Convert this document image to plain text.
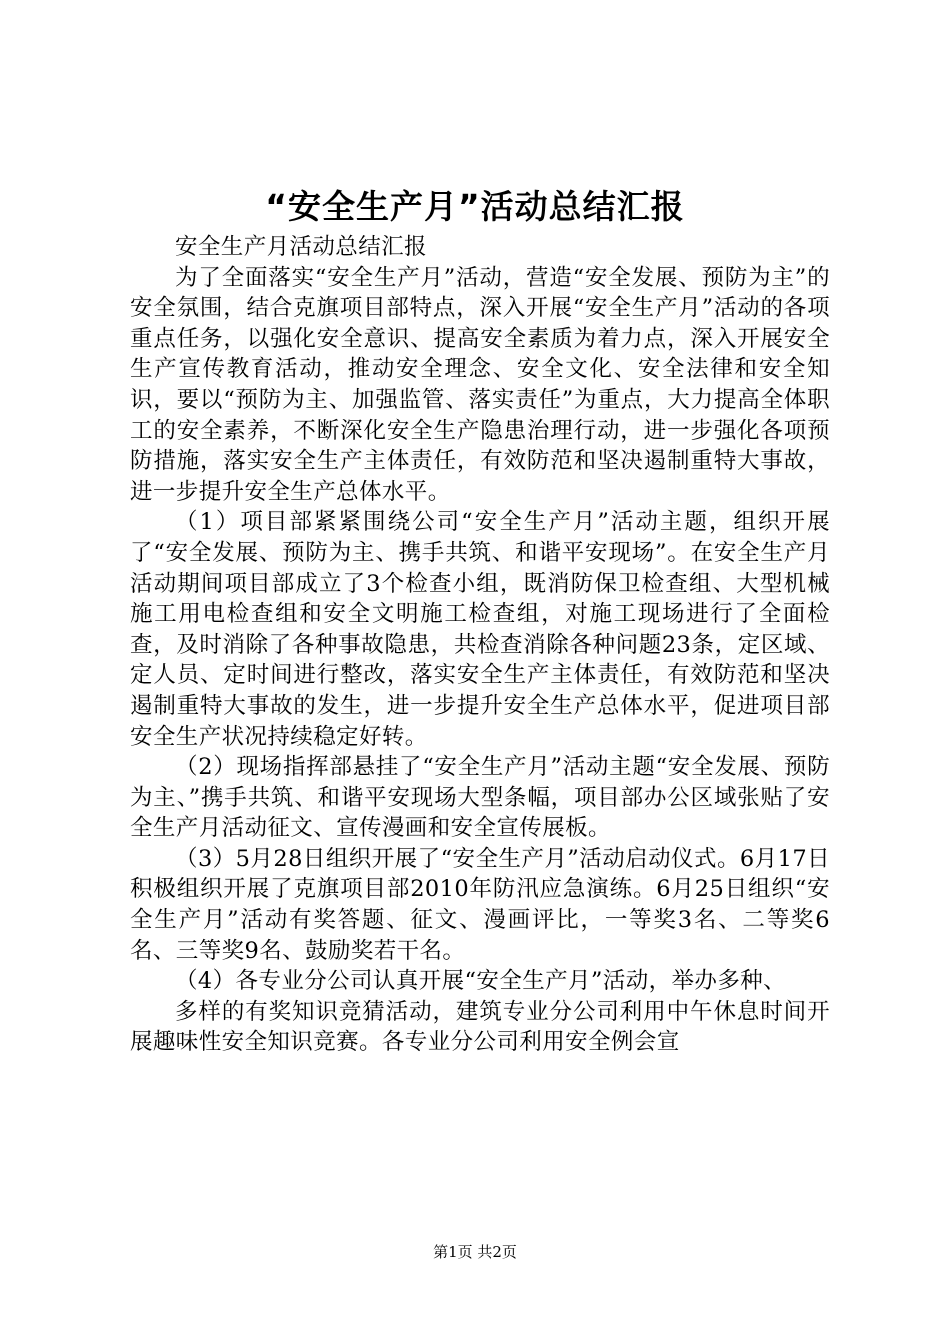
“安全生产月”活动总结汇报

安全生产月活动总结汇报

为了全面落实“安全生产月”活动，营造“安全发展、预防为主”的安全氛围，结合克旗项目部特点，深入开展“安全生产月”活动的各项重点任务，以强化安全意识、提高安全素质为着力点，深入开展安全生产宣传教育活动，推动安全理念、安全文化、安全法律和安全知识，要以“预防为主、加强监管、落实责任”为重点，大力提高全体职工的安全素养，不断深化安全生产隐患治理行动，进一步强化各项预防措施，落实安全生产主体责任，有效防范和坚决遏制重特大事故，进一步提升安全生产总体水平。

（1）项目部紧紧围绕公司“安全生产月”活动主题，组织开展了“安全发展、预防为主、携手共筑、和谐平安现场”。在安全生产月活动期间项目部成立了3个检查小组，既消防保卫检查组、大型机械施工用电检查组和安全文明施工检查组，对施工现场进行了全面检查，及时消除了各种事故隐患，共检查消除各种问题23条，定区域、定人员、定时间进行整改，落实安全生产主体责任，有效防范和坚决遏制重特大事故的发生，进一步提升安全生产总体水平，促进项目部安全生产状况持续稳定好转。

（2）现场指挥部悬挂了“安全生产月”活动主题“安全发展、预防为主、”携手共筑、和谐平安现场大型条幅，项目部办公区域张贴了安全生产月活动征文、宣传漫画和安全宣传展板。

（3）5月28日组织开展了“安全生产月”活动启动仪式。6月17日积极组织开展了克旗项目部2010年防汛应急演练。6月25日组织“安全生产月”活动有奖答题、征文、漫画评比，一等奖3名、二等奖6名、三等奖9名、鼓励奖若干名。

（4）各专业分公司认真开展“安全生产月”活动，举办多种、

多样的有奖知识竞猜活动，建筑专业分公司利用中午休息时间开展趣味性安全知识竞赛。各专业分公司利用安全例会宣

第1页 共2页
